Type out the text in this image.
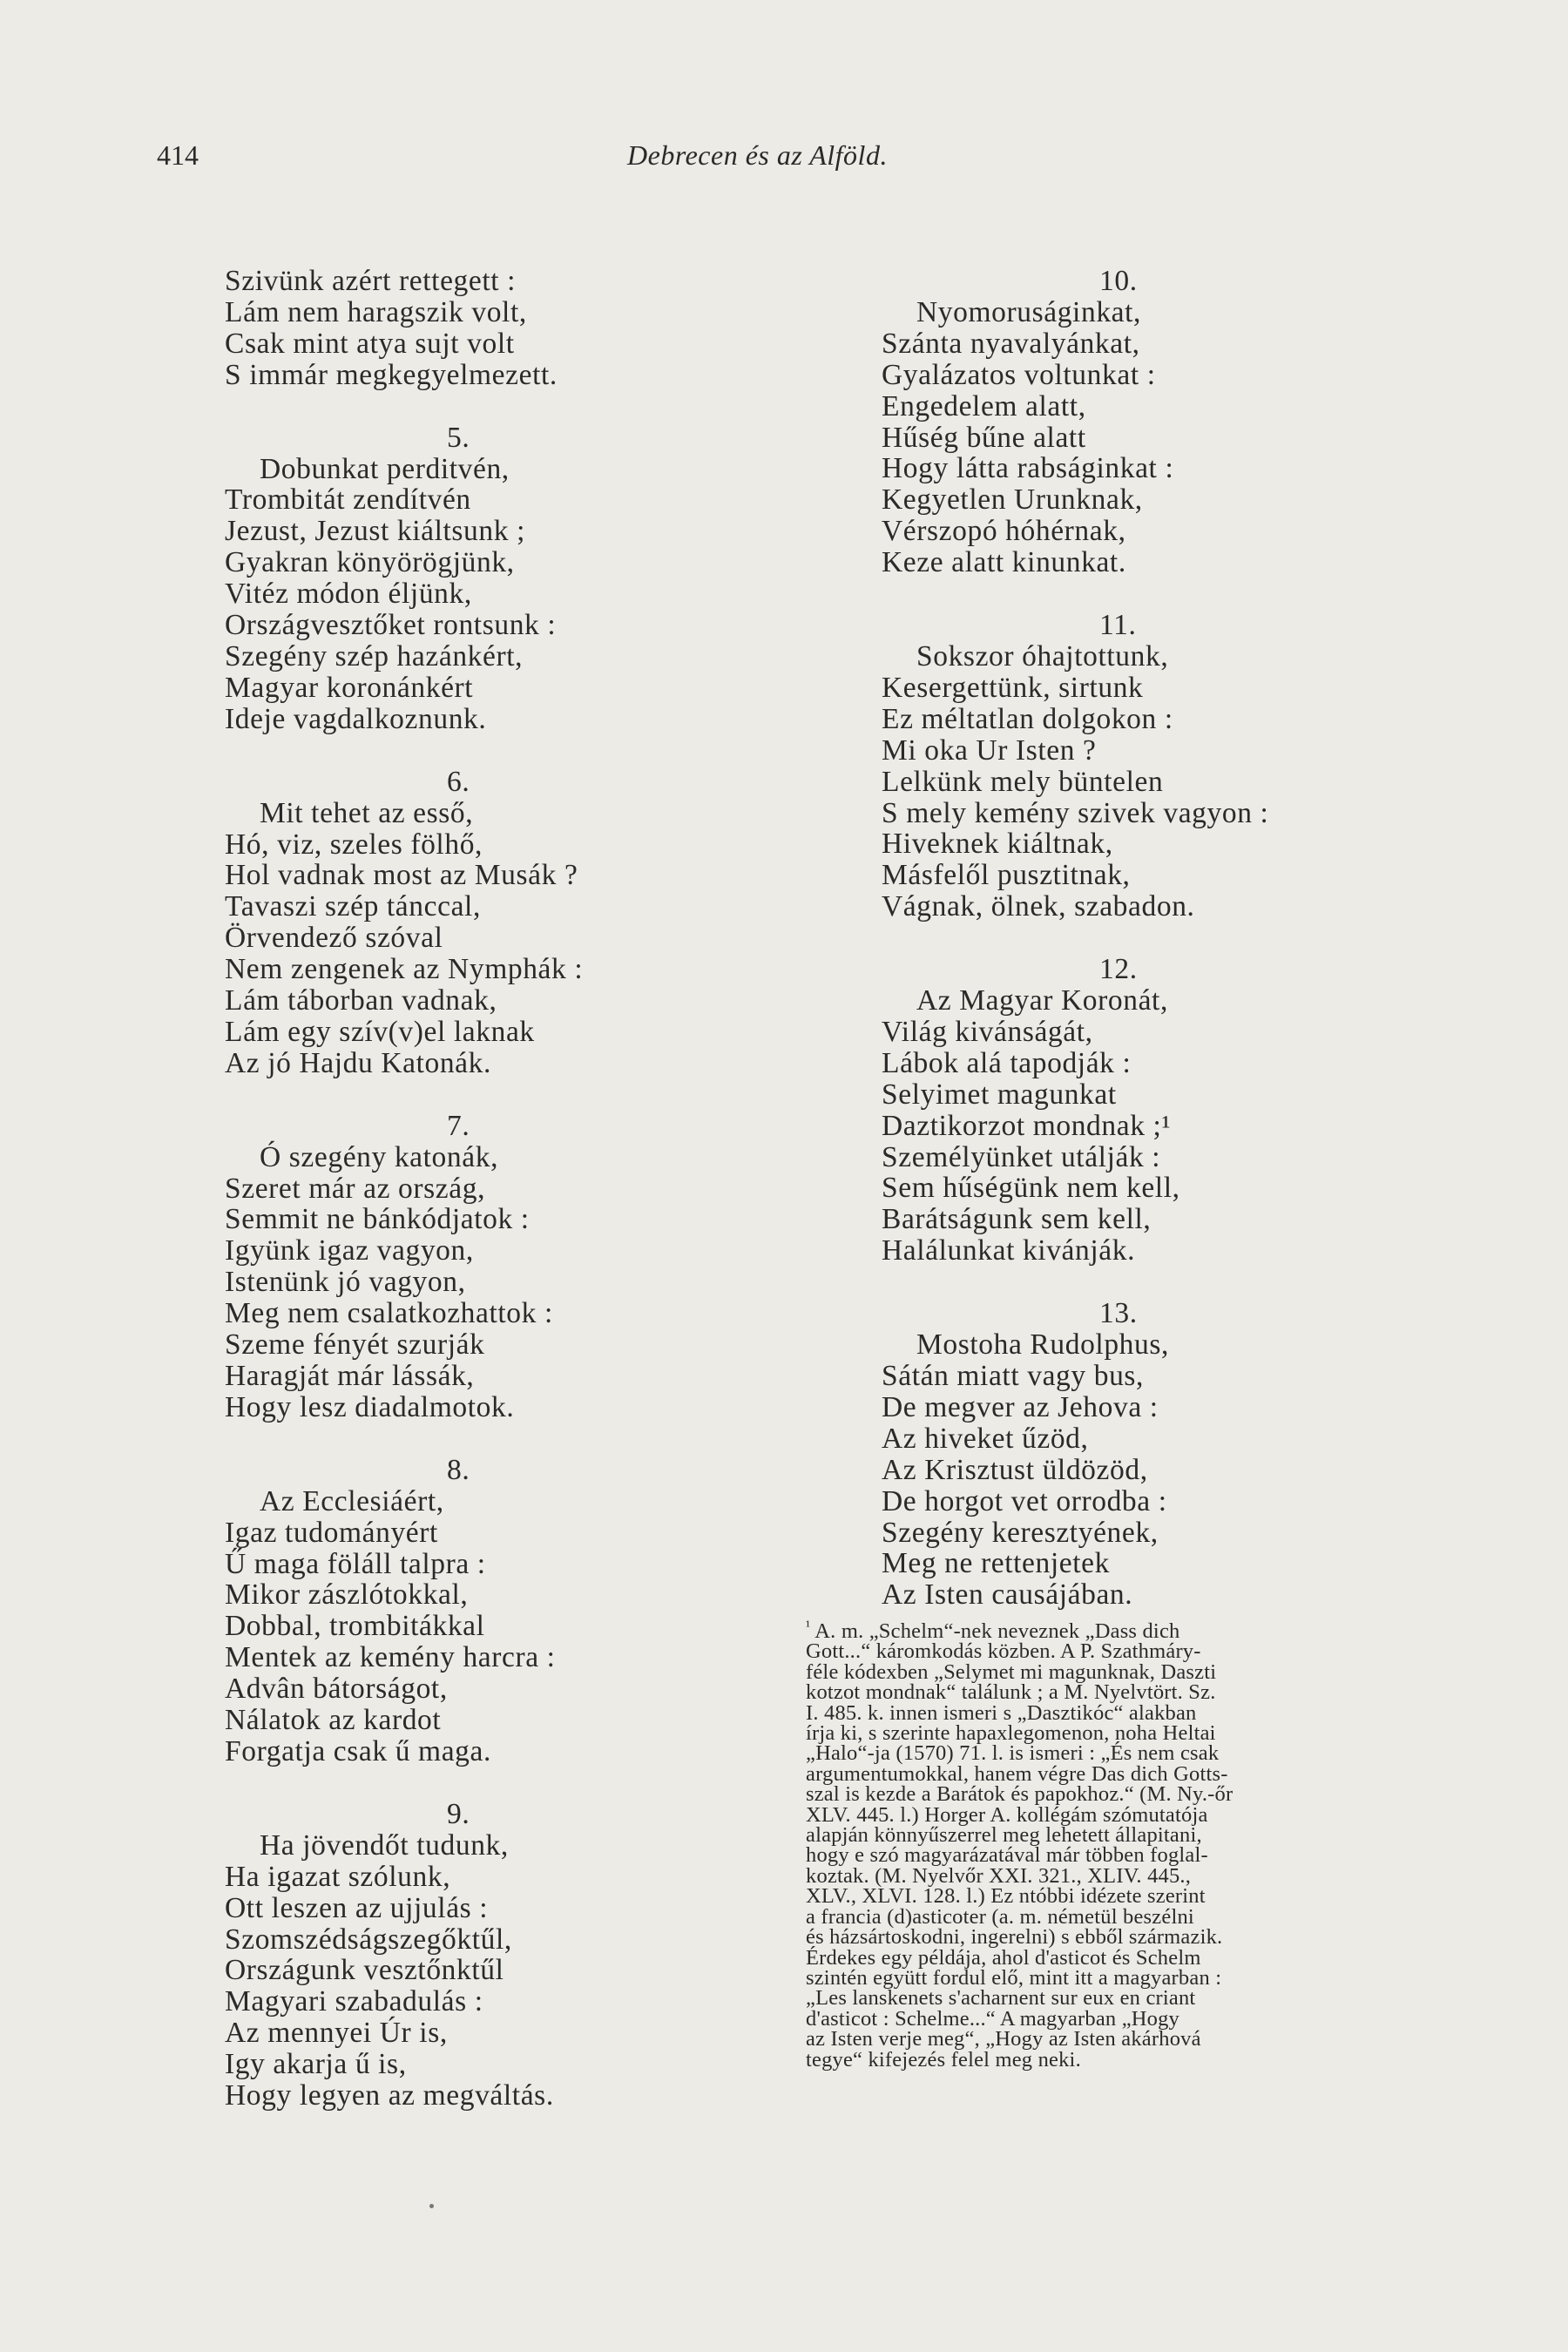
414	Debrecen és az Alföld.
Szivünk azért rettegett :
Lám nem haragszik volt,
Csak mint atya sujt volt
S immár megkegyelmezett.
5.
Dobunkat perditvén,
Trombitát zendítvén
Jezust, Jezust kiáltsunk ;
Gyakran könyörögjünk,
Vitéz módon éljünk,
Országvesztőket rontsunk :
Szegény szép hazánkért,
Magyar koronánkért
Ideje vagdalkoznunk.
6.
Mit tehet az esső,
Hó, viz, szeles fölhő,
Hol vadnak most az Musák ?
Tavaszi szép tánccal,
Örvendező szóval
Nem zengenek az Nymphák :
Lám táborban vadnak,
Lám egy szív(v)el laknak
Az jó Hajdu Katonák.
7.
Ó szegény katonák,
Szeret már az ország,
Semmit ne bánkódjatok :
Igyünk igaz vagyon,
Istenünk jó vagyon,
Meg nem csalatkozhattok :
Szeme fényét szurják
Haragját már lássák,
Hogy lesz diadalmotok.
8.
Az Ecclesiáért,
Igaz tudományért
Ű maga föláll talpra :
Mikor zászlótokkal,
Dobbal, trombitákkal
Mentek az kemény harcra :
Advân bátorságot,
Nálatok az kardot
Forgatja csak ű maga.
9.
Ha jövendőt tudunk,
Ha igazat szólunk,
Ott leszen az ujjulás :
Szomszédságszegőktűl,
Országunk vesztőnktűl
Magyari szabadulás :
Az mennyei Úr is,
Igy akarja ű is,
Hogy legyen az megváltás.
10.
Nyomoruságinkat,
Szánta nyavalyánkat,
Gyalázatos voltunkat :
Engedelem alatt,
Hűség bűne alatt
Hogy látta rabságinkat :
Kegyetlen Urunknak,
Vérszopó hóhérnak,
Keze alatt kinunkat.
11.
Sokszor óhajtottunk,
Kesergettünk, sirtunk
Ez méltatlan dolgokon :
Mi oka Ur Isten ?
Lelkünk mely büntelen
S mely kemény szivek vagyon :
Hiveknek kiáltnak,
Másfelől pusztitnak,
Vágnak, ölnek, szabadon.
12.
Az Magyar Koronát,
Világ kivánságát,
Lábok alá tapodják :
Selyimet magunkat
Daztikorzot mondnak ;¹
Személyünket utálják :
Sem hűségünk nem kell,
Barátságunk sem kell,
Halálunkat kivánják.
13.
Mostoha Rudolphus,
Sátán miatt vagy bus,
De megver az Jehova :
Az hiveket űzöd,
Az Krisztust üldözöd,
De horgot vet orrodba :
Szegény keresztyének,
Meg ne rettenjetek
Az Isten causájában.
$^{^1}$ A. m. „Schelm“-nek neveznek „Dass dich
Gott...“ káromkodás közben. A P. Szathmáry-
féle kódexben „Selymet mi magunknak, Daszti
kotzot mondnak“ találunk ; a M. Nyelvtört. Sz.
I. 485. k. innen ismeri s „Dasztikóc“ alakban
írja ki, s szerinte hapaxlegomenon, noha Heltai
„Halo“-ja (1570) 71. l. is ismeri : „És nem csak
argumentumokkal, hanem végre Das dich Gotts-
szal is kezde a Barátok és papokhoz.“ (M. Ny.-őr
XLV. 445. l.) Horger A. kollégám szómutatója
alapján könnyűszerrel meg lehetett állapitani,
hogy e szó magyarázatával már többen foglal-
koztak. (M. Nyelvőr XXI. 321., XLIV. 445.,
XLV., XLVI. 128. l.) Ez ntóbbi idézete szerint
a francia (d)asticoter (a. m. németül beszélni
és házsártoskodni, ingerelni) s ebből származik.
Érdekes egy példája, ahol d'asticot és Schelm
szintén együtt fordul elő, mint itt a magyarban :
„Les lanskenets s'acharnent sur eux en criant
d'asticot : Schelme...“ A magyarban „Hogy
az Isten verje meg“, „Hogy az Isten akárhová
tegye“ kifejezés felel meg neki.
